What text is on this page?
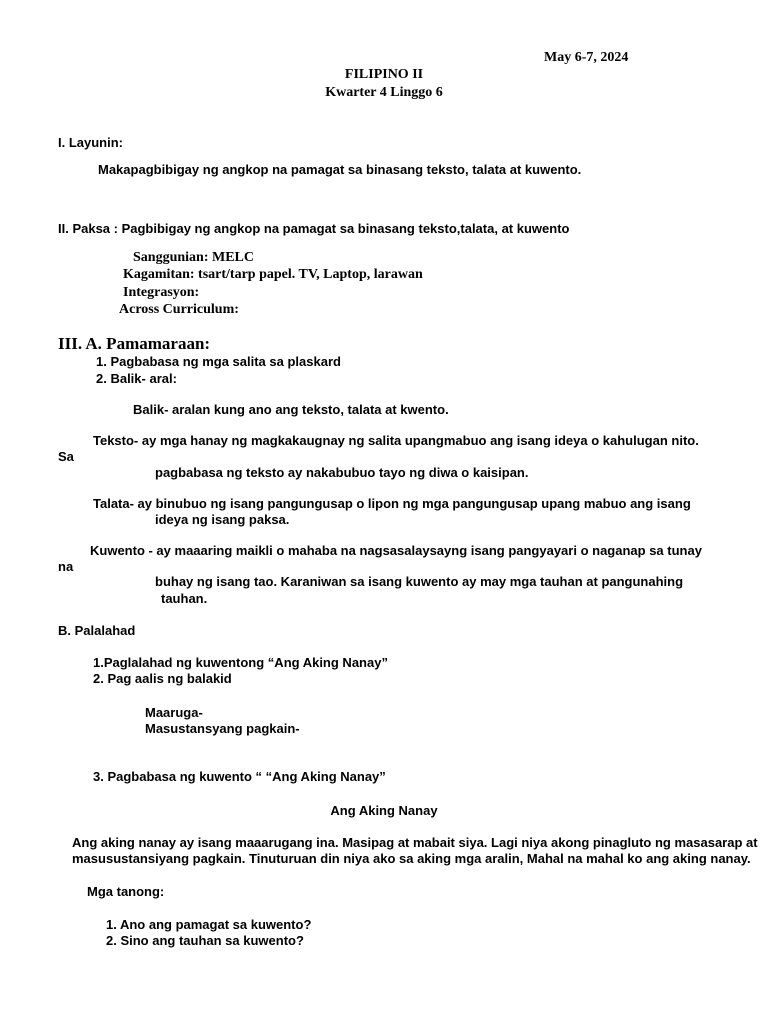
May 6-7, 2024

FILIPINO II

Kwarter 4 Linggo 6

I. Layunin:

Makapagbibigay ng angkop na pamagat sa binasang teksto, talata at kuwento.

II. Paksa : Pagbibigay ng angkop na pamagat sa binasang teksto,talata, at kuwento

Sanggunian: MELC

Kagamitan: tsart/tarp papel. TV, Laptop, larawan

Integrasyon:

Across Curriculum:

III. A. Pamamaraan:

1. Pagbabasa ng mga salita sa plaskard

2. Balik- aral:

Balik- aralan kung ano ang teksto, talata at kwento.

Teksto- ay mga hanay ng magkakaugnay ng salita upangmabuo ang isang ideya o kahulugan nito.

Sa

pagbabasa ng teksto ay nakabubuo tayo ng diwa o kaisipan.

Talata- ay binubuo ng isang pangungusap o lipon ng mga pangungusap upang mabuo ang isang

ideya ng isang paksa.

Kuwento - ay maaaring maikli o mahaba na nagsasalaysayng isang pangyayari o naganap sa tunay

na

buhay ng isang tao. Karaniwan sa isang kuwento ay may mga tauhan at pangunahing

tauhan.

B. Palalahad

1.Paglalahad ng kuwentong “Ang Aking Nanay”

2. Pag aalis ng balakid

Maaruga-

Masustansyang pagkain-

3. Pagbabasa ng kuwento “ “Ang Aking Nanay”

Ang Aking Nanay

Ang aking nanay ay isang maaarugang ina. Masipag at mabait siya. Lagi niya akong pinagluto ng masasarap at

masusustansiyang pagkain. Tinuturuan din niya ako sa aking mga aralin, Mahal na mahal ko ang aking nanay.

Mga tanong:

1. Ano ang pamagat sa kuwento?
2. Sino ang tauhan sa kuwento?
